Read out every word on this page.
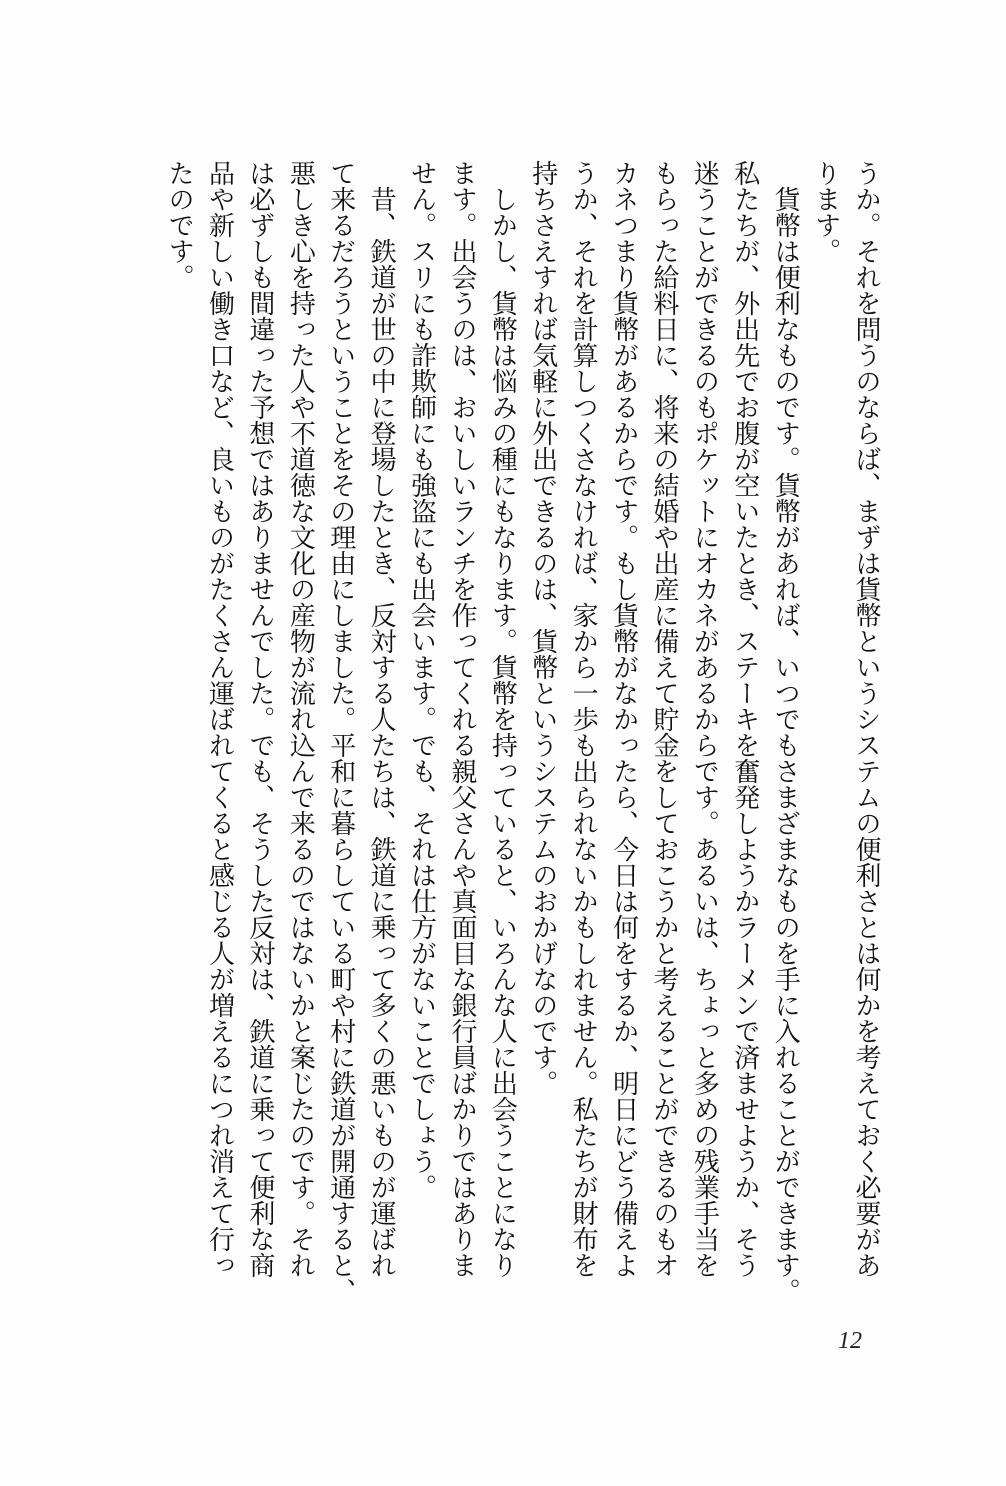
うか。それを問うのならば、まずは貨幣というシステムの便利さとは何かを考えておく必要があ
ります。
　貨幣は便利なものです。貨幣があれば、いつでもさまざまなものを手に入れることができます。
私たちが、外出先でお腹が空いたとき、ステーキを奮発しようかラーメンで済ませようか、そう
迷うことができるのもポケットにオカネがあるからです。あるいは、ちょっと多めの残業手当を
もらった給料日に、将来の結婚や出産に備えて貯金をしておこうかと考えることができるのもオ
カネつまり貨幣があるからです。もし貨幣がなかったら、今日は何をするか、明日にどう備えよ
うか、それを計算しつくさなければ、家から一歩も出られないかもしれません。私たちが財布を
持ちさえすれば気軽に外出できるのは、貨幣というシステムのおかげなのです。
　しかし、貨幣は悩みの種にもなります。貨幣を持っていると、いろんな人に出会うことになり
ます。出会うのは、おいしいランチを作ってくれる親父さんや真面目な銀行員ばかりではありま
せん。スリにも詐欺師にも強盗にも出会います。でも、それは仕方がないことでしょう。
　昔、鉄道が世の中に登場したとき、反対する人たちは、鉄道に乗って多くの悪いものが運ばれ
て来るだろうということをその理由にしました。平和に暮らしている町や村に鉄道が開通すると、
悪しき心を持った人や不道徳な文化の産物が流れ込んで来るのではないかと案じたのです。それ
は必ずしも間違った予想ではありませんでした。でも、そうした反対は、鉄道に乗って便利な商
品や新しい働き口など、良いものがたくさん運ばれてくると感じる人が増えるにつれ消えて行っ
たのです。
12
